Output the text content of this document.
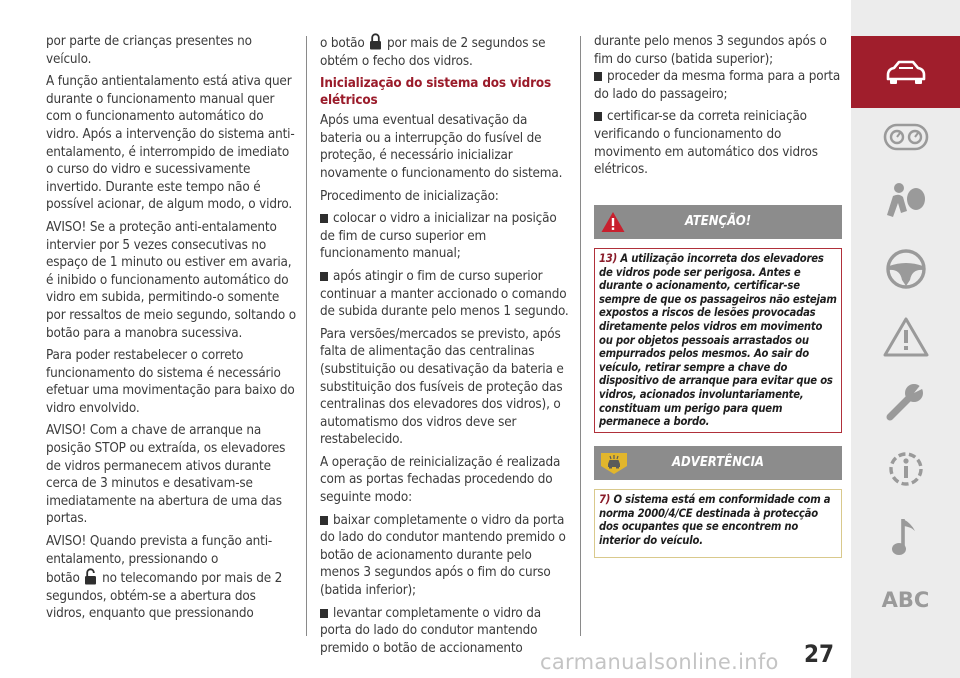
por parte de crianças presentes no veículo.

A função antientalamento está ativa quer durante o funcionamento manual quer com o funcionamento automático do vidro. Após a intervenção do sistema anti-entalamento, é interrompido de imediato o curso do vidro e sucessivamente invertido. Durante este tempo não é possível acionar, de algum modo, o vidro.

AVISO! Se a proteção anti-entalamento intervier por 5 vezes consecutivas no espaço de 1 minuto ou estiver em avaria, é inibido o funcionamento automático do vidro em subida, permitindo-o somente por ressaltos de meio segundo, soltando o botão para a manobra sucessiva.

Para poder restabelecer o correto funcionamento do sistema é necessário efetuar uma movimentação para baixo do vidro envolvido.

AVISO! Com a chave de arranque na posição STOP ou extraída, os elevadores de vidros permanecem ativos durante cerca de 3 minutos e desativam-se imediatamente na abertura de uma das portas.

AVISO! Quando prevista a função anti-entalamento, pressionando o
botão no telecomando por mais de 2 segundos, obtém-se a abertura dos vidros, enquanto que pressionando

o botão por mais de 2 segundos se obtém o fecho dos vidros.

Inicialização do sistema dos vidros elétricos

Após uma eventual desativação da bateria ou a interrupção do fusível de proteção, é necessário inicializar novamente o funcionamento do sistema.

Procedimento de inicialização:

colocar o vidro a inicializar na posição de fim de curso superior em funcionamento manual;

após atingir o fim de curso superior continuar a manter accionado o comando de subida durante pelo menos 1 segundo.

Para versões/mercados se previsto, após falta de alimentação das centralinas (substituição ou desativação da bateria e substituição dos fusíveis de proteção das centralinas dos elevadores dos vidros), o automatismo dos vidros deve ser restabelecido.

A operação de reinicialização é realizada com as portas fechadas procedendo do seguinte modo:

baixar completamente o vidro da porta do lado do condutor mantendo premido o botão de acionamento durante pelo menos 3 segundos após o fim do curso (batida inferior);

levantar completamente o vidro da porta do lado do condutor mantendo premido o botão de accionamento

durante pelo menos 3 segundos após o fim do curso (batida superior);

proceder da mesma forma para a porta do lado do passageiro;

certificar-se da correta reiniciação verificando o funcionamento do movimento em automático dos vidros elétricos.

ATENÇÃO!
13) A utilização incorreta dos elevadores de vidros pode ser perigosa. Antes e durante o acionamento, certificar-se sempre de que os passageiros não estejam expostos a riscos de lesões provocadas diretamente pelos vidros em movimento ou por objetos pessoais arrastados ou empurrados pelos mesmos. Ao sair do veículo, retirar sempre a chave do dispositivo de arranque para evitar que os vidros, acionados involuntariamente, constituam um perigo para quem permanece a bordo.
ADVERTÊNCIA
7) O sistema está em conformidade com a norma 2000/4/CE destinada à protecção dos ocupantes que se encontrem no interior do veículo.
ABC
carmanualsonline.info 27
